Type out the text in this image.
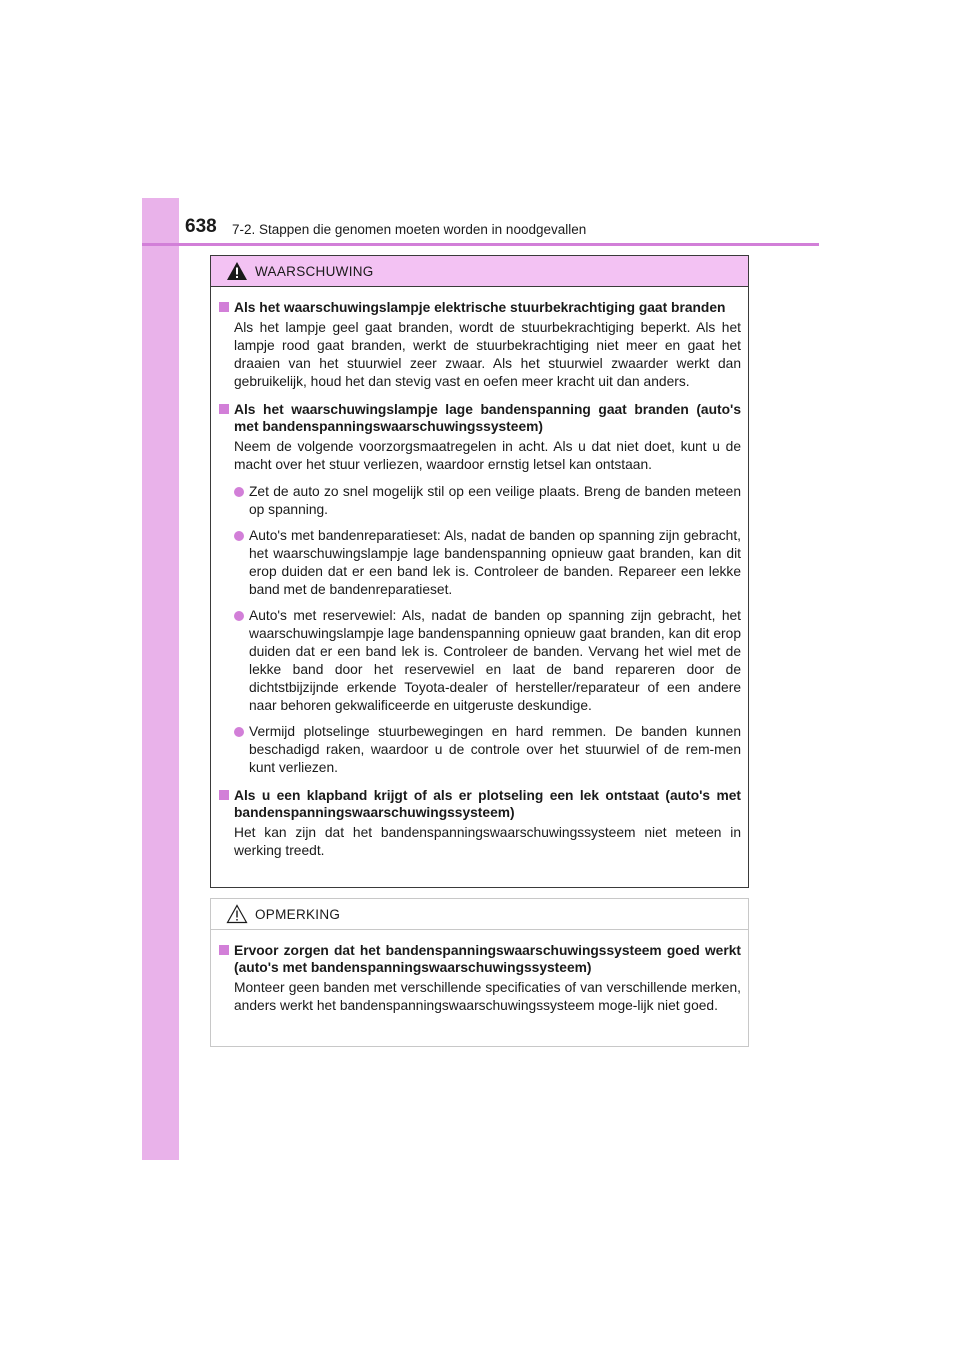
638 7-2. Stappen die genomen moeten worden in noodgevallen
WAARSCHUWING
Als het waarschuwingslampje elektrische stuurbekrachtiging gaat branden
Als het lampje geel gaat branden, wordt de stuurbekrachtiging beperkt. Als het lampje rood gaat branden, werkt de stuurbekrachtiging niet meer en gaat het draaien van het stuurwiel zeer zwaar. Als het stuurwiel zwaarder werkt dan gebruikelijk, houd het dan stevig vast en oefen meer kracht uit dan anders.
Als het waarschuwingslampje lage bandenspanning gaat branden (auto's met bandenspanningswaarschuwingssysteem)
Neem de volgende voorzorgsmaatregelen in acht. Als u dat niet doet, kunt u de macht over het stuur verliezen, waardoor ernstig letsel kan ontstaan.
Zet de auto zo snel mogelijk stil op een veilige plaats. Breng de banden meteen op spanning.
Auto's met bandenreparatieset: Als, nadat de banden op spanning zijn gebracht, het waarschuwingslampje lage bandenspanning opnieuw gaat branden, kan dit erop duiden dat er een band lek is. Controleer de banden. Repareer een lekke band met de bandenreparatieset.
Auto's met reservewiel: Als, nadat de banden op spanning zijn gebracht, het waarschuwingslampje lage bandenspanning opnieuw gaat branden, kan dit erop duiden dat er een band lek is. Controleer de banden. Vervang het wiel met de lekke band door het reservewiel en laat de band repareren door de dichtstbijzijnde erkende Toyota-dealer of hersteller/reparateur of een andere naar behoren gekwalificeerde en uitgeruste deskundige.
Vermijd plotselinge stuurbewegingen en hard remmen. De banden kunnen beschadigd raken, waardoor u de controle over het stuurwiel of de rem-men kunt verliezen.
Als u een klapband krijgt of als er plotseling een lek ontstaat (auto's met bandenspanningswaarschuwingssysteem)
Het kan zijn dat het bandenspanningswaarschuwingssysteem niet meteen in werking treedt.
OPMERKING
Ervoor zorgen dat het bandenspanningswaarschuwingssysteem goed werkt (auto's met bandenspanningswaarschuwingssysteem)
Monteer geen banden met verschillende specificaties of van verschillende merken, anders werkt het bandenspanningswaarschuwingssysteem moge-lijk niet goed.
